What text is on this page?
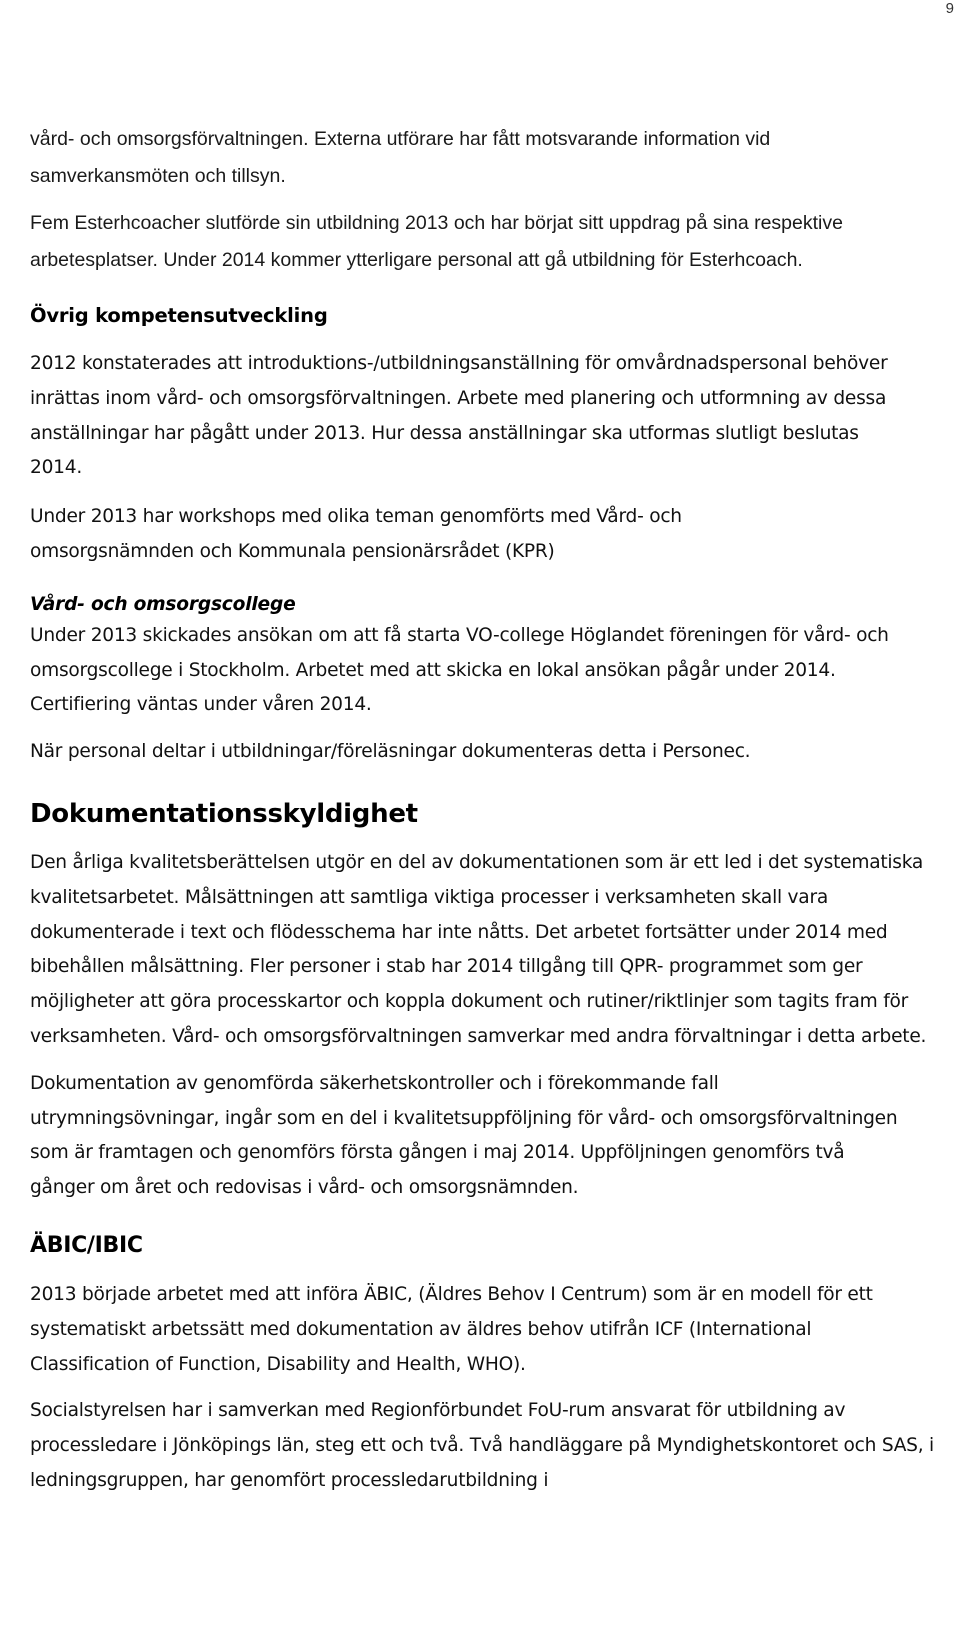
9

vård- och omsorgsförvaltningen. Externa utförare har fått motsvarande information vid samverkansmöten och tillsyn.

Fem Esterhcoacher slutförde sin utbildning 2013 och har börjat sitt uppdrag på sina respektive arbetesplatser. Under 2014 kommer ytterligare personal att gå utbildning för Esterhcoach.

Övrig kompetensutveckling

2012 konstaterades att introduktions-/utbildningsanställning för omvårdnadspersonal behöver inrättas inom vård- och omsorgsförvaltningen. Arbete med planering och utformning av dessa anställningar har pågått under 2013. Hur dessa anställningar ska utformas slutligt beslutas 2014.

Under 2013 har workshops med olika teman genomförts med Vård- och omsorgsnämnden och Kommunala pensionärsrådet (KPR)

Vård- och omsorgscollege

Under 2013 skickades ansökan om att få starta VO-college Höglandet föreningen för vård- och omsorgscollege i Stockholm. Arbetet med att skicka en lokal ansökan pågår under 2014. Certifiering väntas under våren 2014.

När personal deltar i utbildningar/föreläsningar dokumenteras detta i Personec.

Dokumentationsskyldighet

Den årliga kvalitetsberättelsen utgör en del av dokumentationen som är ett led i det systematiska kvalitetsarbetet. Målsättningen att samtliga viktiga processer i verksamheten skall vara dokumenterade i text och flödesschema har inte nåtts. Det arbetet fortsätter under 2014 med bibehållen målsättning. Fler personer i stab har 2014 tillgång till QPR- programmet som ger möjligheter att göra processkartor och koppla dokument och rutiner/riktlinjer som tagits fram för verksamheten. Vård- och omsorgsförvaltningen samverkar med andra förvaltningar i detta arbete.

Dokumentation av genomförda säkerhetskontroller och i förekommande fall utrymningsövningar, ingår som en del i kvalitetsuppföljning för vård- och omsorgsförvaltningen som är framtagen och genomförs första gången i maj 2014. Uppföljningen genomförs två gånger om året och redovisas i vård- och omsorgsnämnden.

ÄBIC/IBIC

2013 började arbetet med att införa ÄBIC, (Äldres Behov I Centrum) som är en modell för ett systematiskt arbetssätt med dokumentation av äldres behov utifrån ICF (International Classification of Function, Disability and Health, WHO).

Socialstyrelsen har i samverkan med Regionförbundet FoU-rum ansvarat för utbildning av processledare i Jönköpings län, steg ett och två. Två handläggare på Myndighetskontoret och SAS, i ledningsgruppen, har genomfört processledarutbildning i
